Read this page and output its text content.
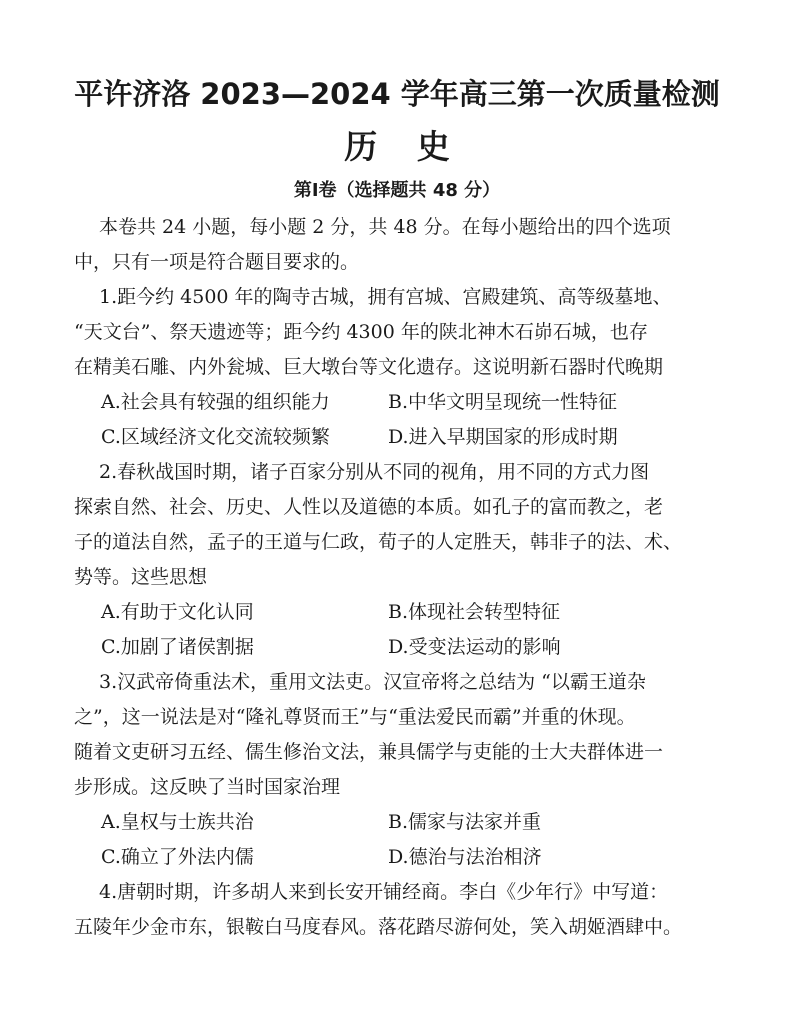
平许济洛 2023—2024 学年高三第一次质量检测
历 史
第Ⅰ卷（选择题共 48 分）
本卷共 24 小题，每小题 2 分，共 48 分。在每小题给出的四个选项
中，只有一项是符合题目要求的。
1.距今约 4500 年的陶寺古城，拥有宫城、宫殿建筑、高等级墓地、
“天文台”、祭天遗迹等；距今约 4300 年的陕北神木石峁石城，也存
在精美石雕、内外瓮城、巨大墩台等文化遗存。这说明新石器时代晚期
A.社会具有较强的组织能力	B.中华文明呈现统一性特征
C.区域经济文化交流较频繁	D.进入早期国家的形成时期
2.春秋战国时期，诸子百家分别从不同的视角，用不同的方式力图
探索自然、社会、历史、人性以及道德的本质。如孔子的富而教之，老
子的道法自然，孟子的王道与仁政，荀子的人定胜天，韩非子的法、术、
势等。这些思想
A.有助于文化认同	B.体现社会转型特征
C.加剧了诸侯割据	D.受变法运动的影响
3.汉武帝倚重法术，重用文法吏。汉宣帝将之总结为 “以霸王道杂
之”，这一说法是对“隆礼尊贤而王”与“重法爱民而霸”并重的休现。
随着文吏研习五经、儒生修治文法，兼具儒学与吏能的士大夫群体进一
步形成。这反映了当时国家治理
A.皇权与士族共治	B.儒家与法家并重
C.确立了外法内儒	D.德治与法治相济
4.唐朝时期，许多胡人来到长安开铺经商。李白《少年行》中写道：
五陵年少金市东，银鞍白马度春风。落花踏尽游何处，笑入胡姬酒肆中。
